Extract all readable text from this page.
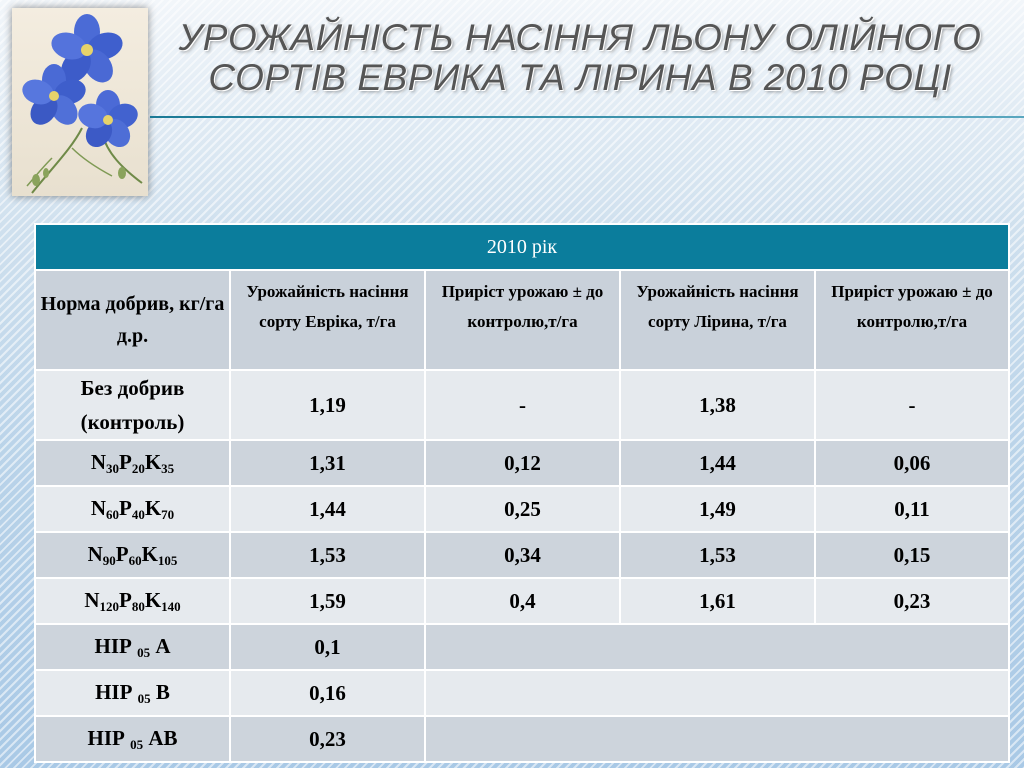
УРОЖАЙНІСТЬ НАСІННЯ ЛЬОНУ ОЛІЙНОГО
СОРТІВ ЕВРИКА ТА ЛІРИНА В 2010 РОЦІ
2010 рік				
Норма добрив, кг/га д.р.	Урожайність насіння сорту Евріка, т/га	Приріст урожаю ± до контролю,т/га	Урожайність насіння сорту Лірина, т/га	Приріст урожаю ± до контролю,т/га
Без добрив (контроль)	1,19	-	1,38	-
$N_{30}P_{20}K_{35}$	1,31	0,12	1,44	0,06
$N_{60}P_{40}K_{70}$	1,44	0,25	1,49	0,11
$N_{90}P_{60}K_{105}$	1,53	0,34	1,53	0,15
$N_{120}P_{80}K_{140}$	1,59	0,4	1,61	0,23
НІР $_{05}$ А	0,1			
НІР $_{05}$ В	0,16			
НІР $_{05}$ АВ	0,23			
